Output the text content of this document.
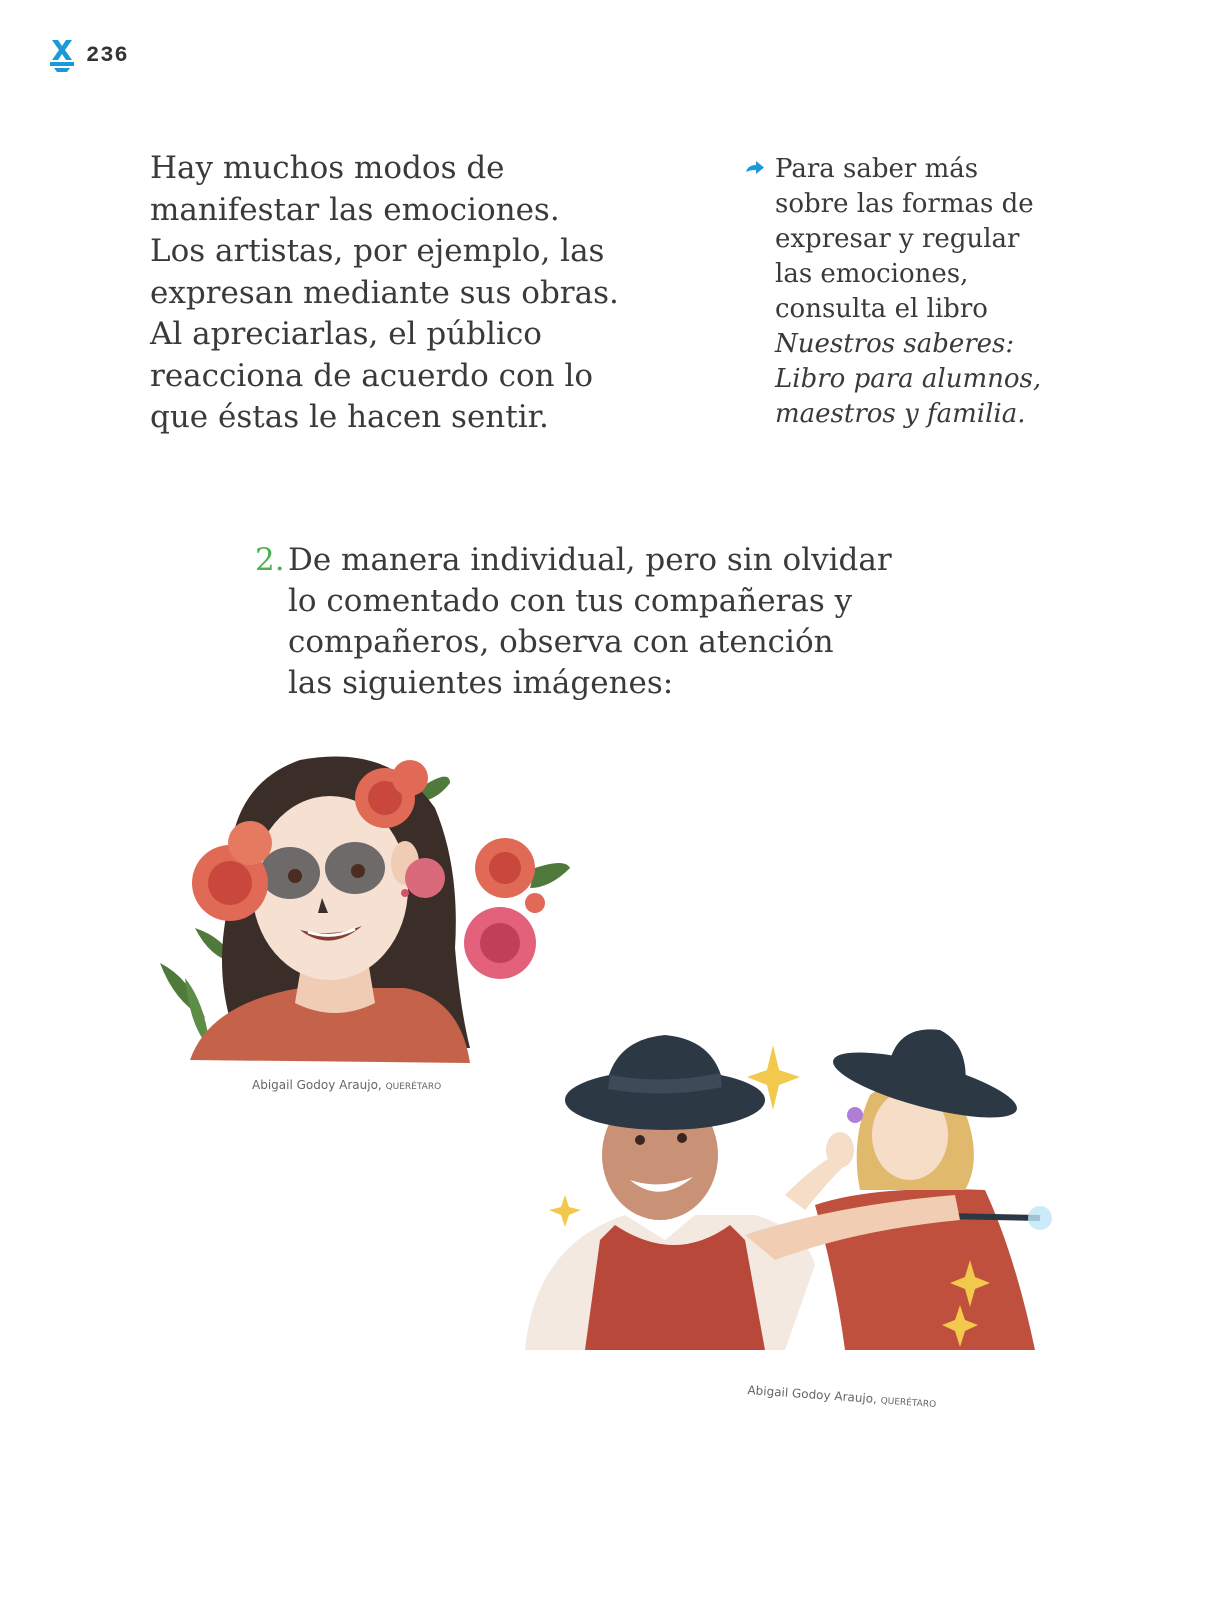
236

Hay muchos modos de
manifestar las emociones.
Los artistas, por ejemplo, las
expresan mediante sus obras.
Al apreciarlas, el público
reacciona de acuerdo con lo
que éstas le hacen sentir.

Para saber más
sobre las formas de
expresar y regular
las emociones,
consulta el libro
Nuestros saberes:
Libro para alumnos,
maestros y familia.

2. De manera individual, pero sin olvidar
lo comentado con tus compañeras y
compañeros, observa con atención
las siguientes imágenes:

Abigail Godoy Araujo, QUERÉTARO
Abigail Godoy Araujo, QUERÉTARO
